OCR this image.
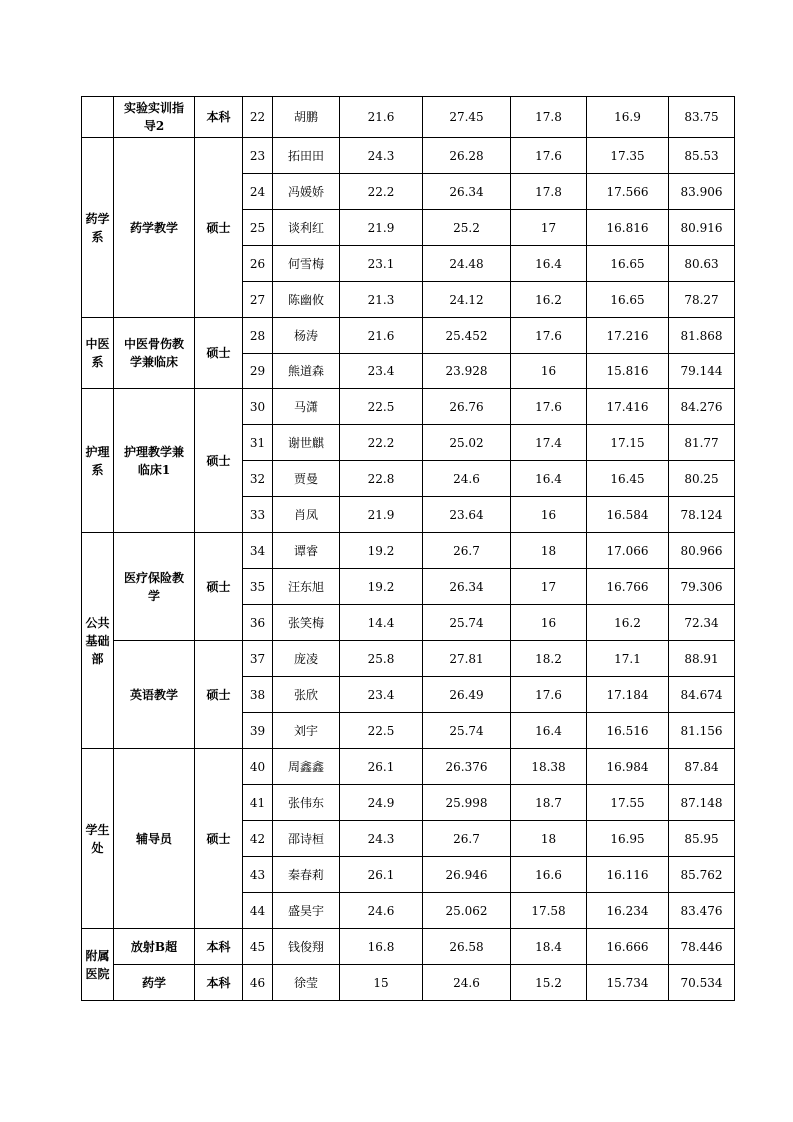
	实验实训指导2	本科	22	胡鹏	21.6	27.45	17.8	16.9	83.75
药学系	药学教学	硕士	23	拓田田	24.3	26.28	17.6	17.35	85.53
			24	冯媛娇	22.2	26.34	17.8	17.566	83.906
			25	谈利红	21.9	25.2	17	16.816	80.916
			26	何雪梅	23.1	24.48	16.4	16.65	80.63
			27	陈幽攸	21.3	24.12	16.2	16.65	78.27
中医系	中医骨伤教学兼临床	硕士	28	杨涛	21.6	25.452	17.6	17.216	81.868
			29	熊道森	23.4	23.928	16	15.816	79.144
护理系	护理教学兼临床1	硕士	30	马潇	22.5	26.76	17.6	17.416	84.276
			31	谢世麒	22.2	25.02	17.4	17.15	81.77
			32	贾曼	22.8	24.6	16.4	16.45	80.25
			33	肖凤	21.9	23.64	16	16.584	78.124
公共基础部	医疗保险教学	硕士	34	谭睿	19.2	26.7	18	17.066	80.966
			35	汪东旭	19.2	26.34	17	16.766	79.306
			36	张笑梅	14.4	25.74	16	16.2	72.34
	英语教学	硕士	37	庞凌	25.8	27.81	18.2	17.1	88.91
			38	张欣	23.4	26.49	17.6	17.184	84.674
			39	刘宇	22.5	25.74	16.4	16.516	81.156
学生处	辅导员	硕士	40	周鑫鑫	26.1	26.376	18.38	16.984	87.84
			41	张伟东	24.9	25.998	18.7	17.55	87.148
			42	邵诗桓	24.3	26.7	18	16.95	85.95
			43	秦春莉	26.1	26.946	16.6	16.116	85.762
			44	盛昊宇	24.6	25.062	17.58	16.234	83.476
附属医院	放射B超	本科	45	钱俊翔	16.8	26.58	18.4	16.666	78.446
	药学	本科	46	徐莹	15	24.6	15.2	15.734	70.534
